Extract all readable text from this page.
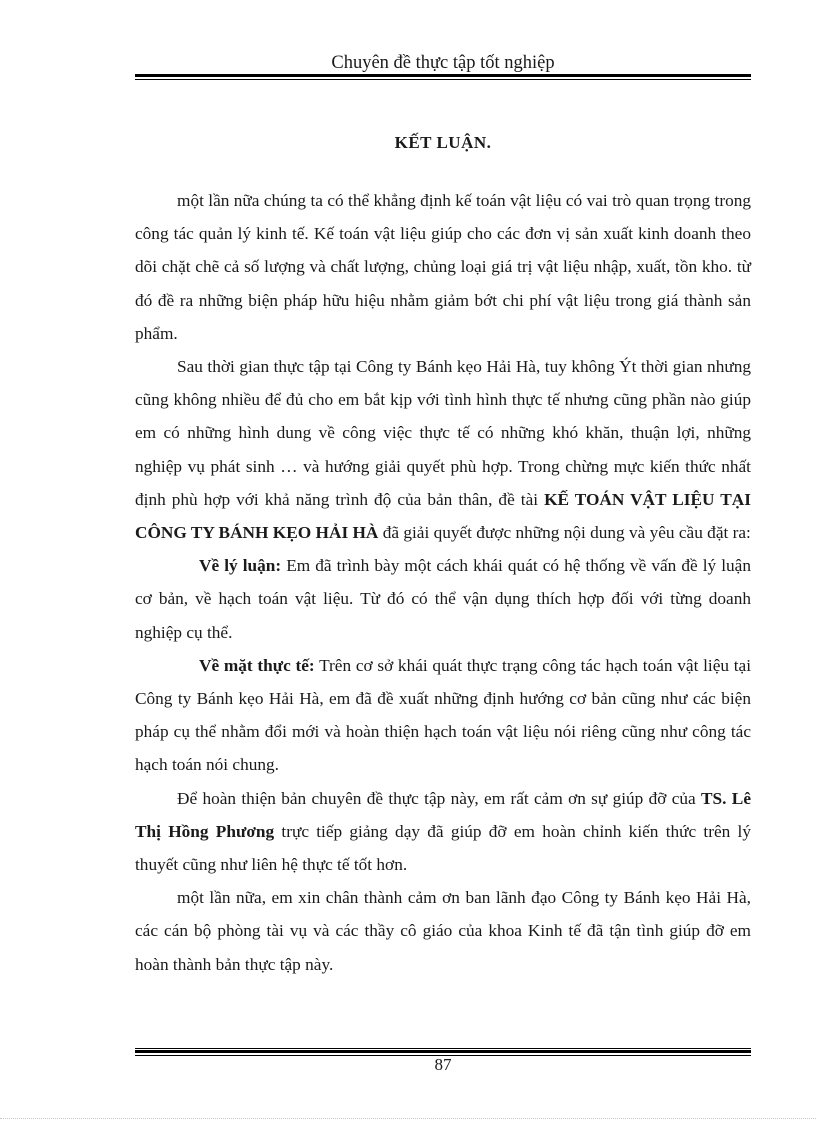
Chuyên đề thực tập tốt nghiệp
KẾT LUẬN.

một lần nữa chúng ta có thể khẳng định kế toán vật liệu có vai trò quan trọng trong công tác quản lý kinh tế. Kế toán vật liệu giúp cho các đơn vị sản xuất kinh doanh theo dõi chặt chẽ cả số lượng và chất lượng, chủng loại giá trị vật liệu nhập, xuất, tồn kho. từ đó đề ra những biện pháp hữu hiệu nhằm giảm bớt chi phí vật liệu trong giá thành sản phẩm.

Sau thời gian thực tập tại Công ty Bánh kẹo Hải Hà, tuy không Ýt thời gian nhưng cũng không nhiều để đủ cho em bắt kịp với tình hình thực tế nhưng cũng phần nào giúp em có những hình dung về công việc thực tế có những khó khăn, thuận lợi, những nghiệp vụ phát sinh … và hướng giải quyết phù hợp. Trong chừng mực kiến thức nhất định phù hợp với khả năng trình độ của bản thân, đề tài KẾ TOÁN VẬT LIỆU TẠI CÔNG TY BÁNH KẸO HẢI HÀ đã giải quyết được những nội dung và yêu cầu đặt ra:

Về lý luận: Em đã trình bày một cách khái quát có hệ thống về vấn đề lý luận cơ bản, về hạch toán vật liệu. Từ đó có thể vận dụng thích hợp đối với từng doanh nghiệp cụ thể.

Về mặt thực tế: Trên cơ sở khái quát thực trạng công tác hạch toán vật liệu tại Công ty Bánh kẹo Hải Hà, em đã đề xuất những định hướng cơ bản cũng như các biện pháp cụ thể nhằm đổi mới và hoàn thiện hạch toán vật liệu nói riêng cũng như công tác hạch toán nói chung.

Để hoàn thiện bản chuyên đề thực tập này, em rất cảm ơn sự giúp đỡ của TS. Lê Thị Hồng Phương trực tiếp giảng dạy đã giúp đỡ em hoàn chỉnh kiến thức trên lý thuyết cũng như liên hệ thực tế tốt hơn.

một lần nữa, em xin chân thành cảm ơn ban lãnh đạo Công ty Bánh kẹo Hải Hà, các cán bộ phòng tài vụ và các thầy cô giáo của khoa Kinh tế đã tận tình giúp đỡ em hoàn thành bản thực tập này.

87
